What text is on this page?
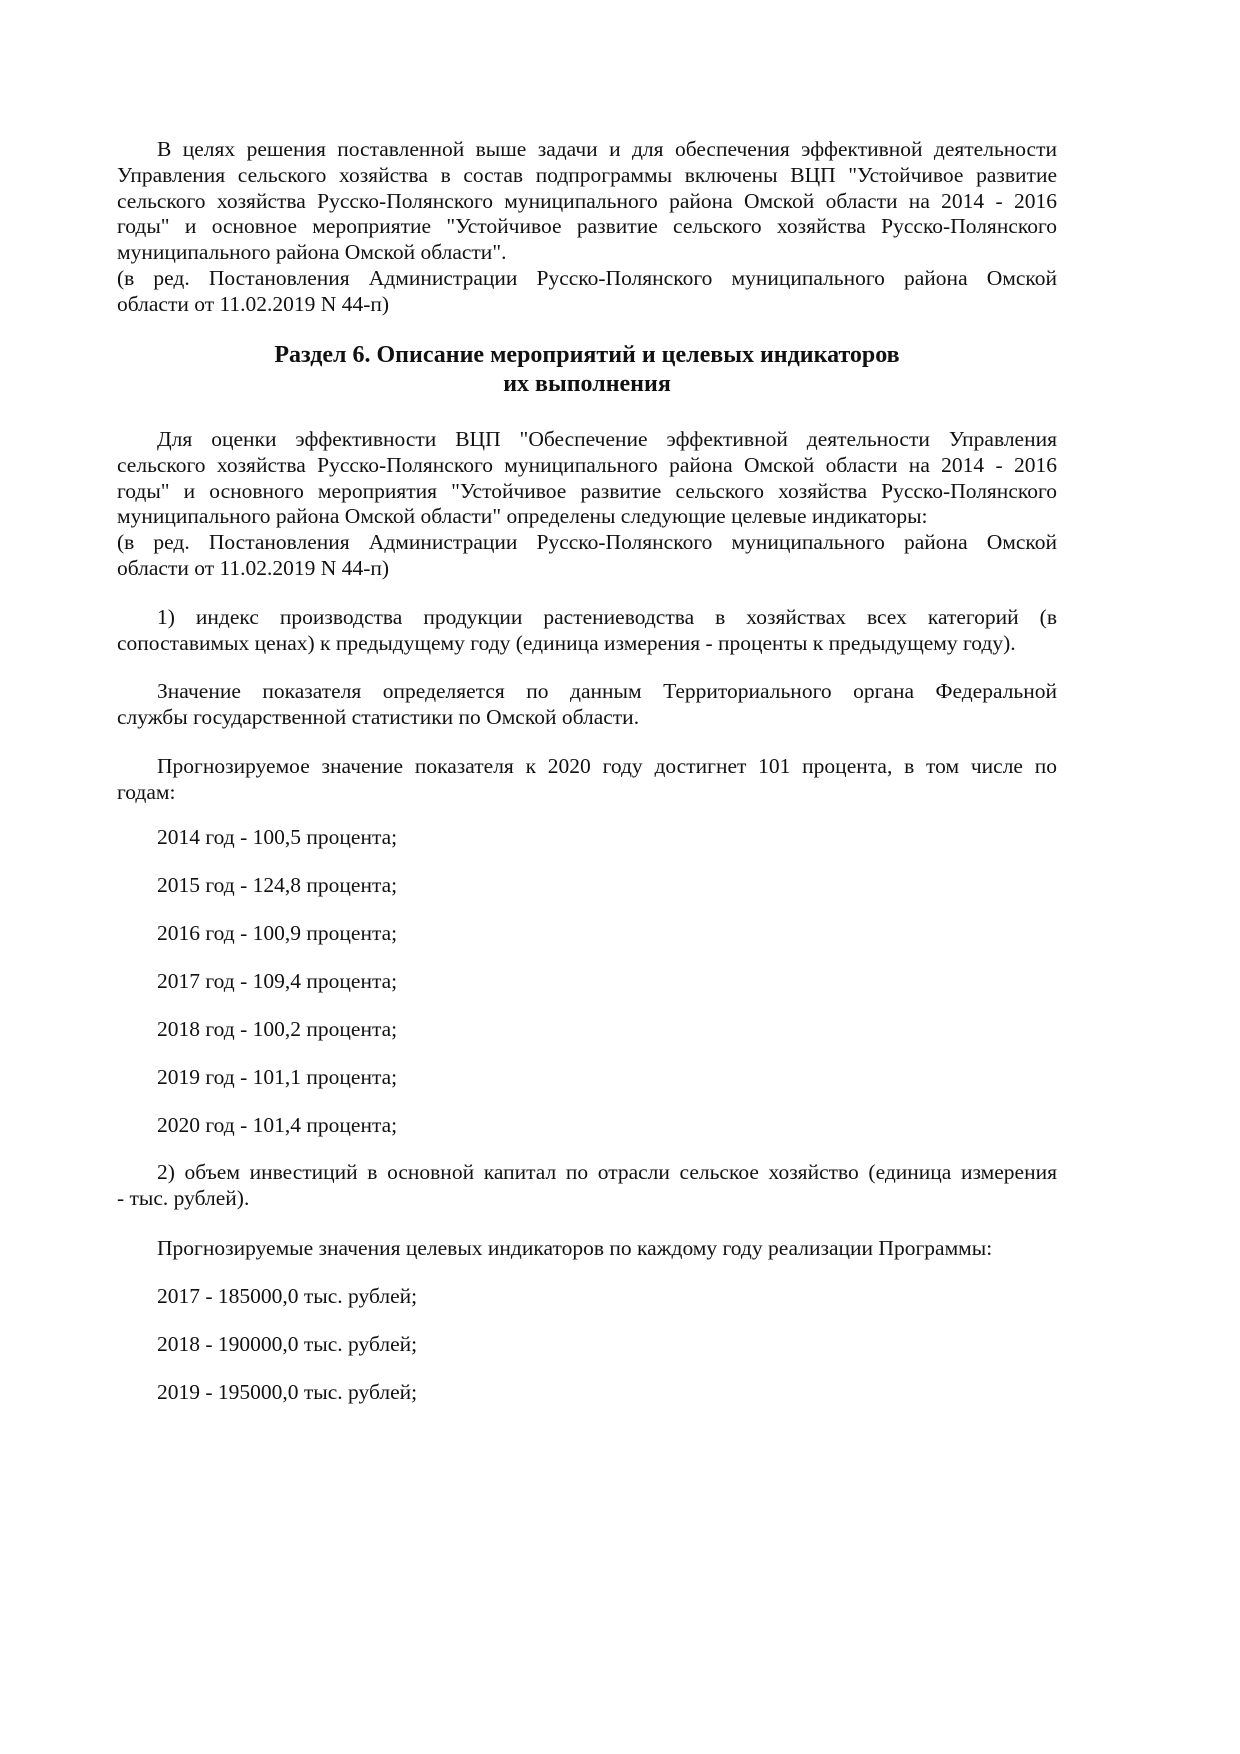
В целях решения поставленной выше задачи и для обеспечения эффективной деятельности
Управления сельского хозяйства в состав подпрограммы включены ВЦП "Устойчивое развитие
сельского хозяйства Русско-Полянского муниципального района Омской области на 2014 - 2016
годы" и основное мероприятие "Устойчивое развитие сельского хозяйства Русско-Полянского
муниципального района Омской области".
(в ред. Постановления Администрации Русско-Полянского муниципального района Омской
области от 11.02.2019 N 44-п)
Раздел 6. Описание мероприятий и целевых индикаторов
их выполнения
Для оценки эффективности ВЦП "Обеспечение эффективной деятельности Управления
сельского хозяйства Русско-Полянского муниципального района Омской области на 2014 - 2016
годы" и основного мероприятия "Устойчивое развитие сельского хозяйства Русско-Полянского
муниципального района Омской области" определены следующие целевые индикаторы:
(в ред. Постановления Администрации Русско-Полянского муниципального района Омской
области от 11.02.2019 N 44-п)
1) индекс производства продукции растениеводства в хозяйствах всех категорий (в
сопоставимых ценах) к предыдущему году (единица измерения - проценты к предыдущему году).
Значение показателя определяется по данным Территориального органа Федеральной
службы государственной статистики по Омской области.
Прогнозируемое значение показателя к 2020 году достигнет 101 процента, в том числе по
годам:
2014 год - 100,5 процента;
2015 год - 124,8 процента;
2016 год - 100,9 процента;
2017 год - 109,4 процента;
2018 год - 100,2 процента;
2019 год - 101,1 процента;
2020 год - 101,4 процента;
2) объем инвестиций в основной капитал по отрасли сельское хозяйство (единица измерения
- тыс. рублей).
Прогнозируемые значения целевых индикаторов по каждому году реализации Программы:
2017 - 185000,0 тыс. рублей;
2018 - 190000,0 тыс. рублей;
2019 - 195000,0 тыс. рублей;
